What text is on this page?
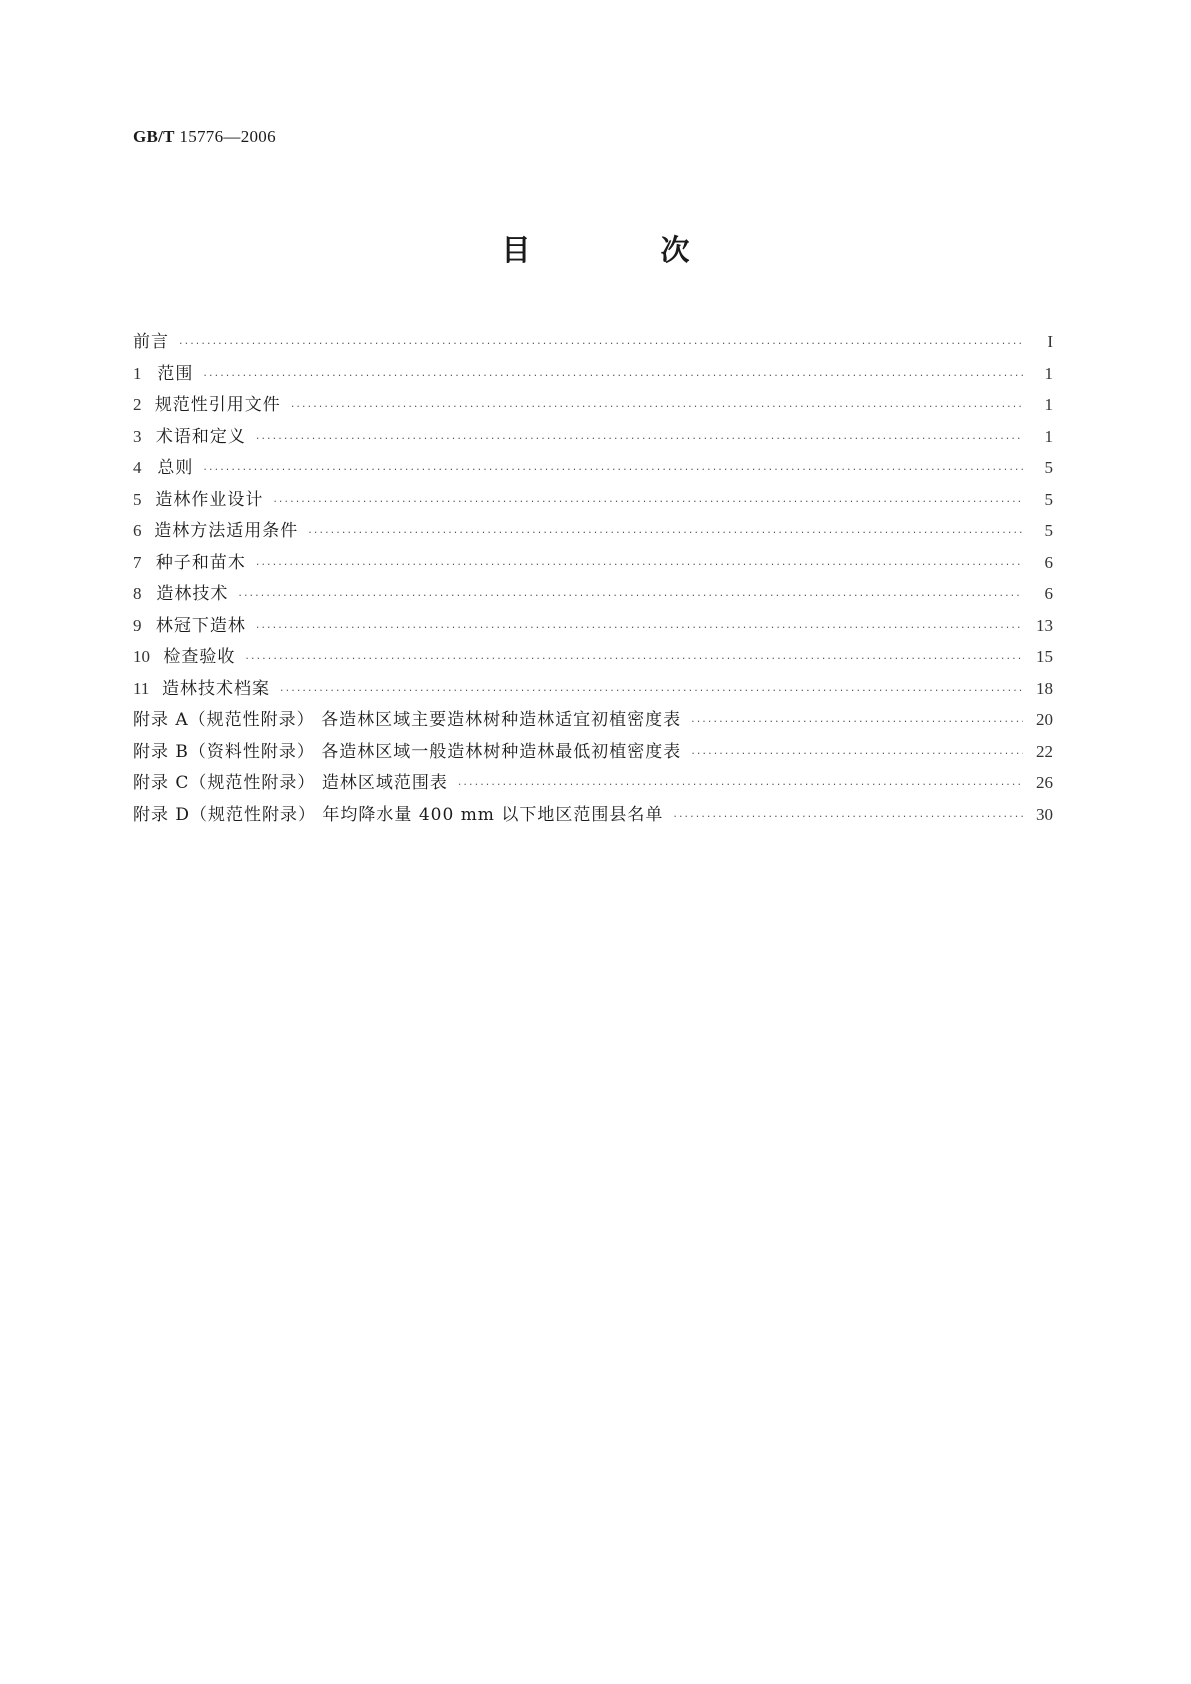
GB/T 15776—2006
目 次
前言 ·····	I
1 范围 ·····	1
2 规范性引用文件 ·····	1
3 术语和定义 ·····	1
4 总则 ·····	5
5 造林作业设计 ·····	5
6 造林方法适用条件 ·····	5
7 种子和苗木 ·····	6
8 造林技术 ·····	6
9 林冠下造林 ·····	13
10 检查验收 ·····	15
11 造林技术档案 ·····	18
附录 A（规范性附录） 各造林区域主要造林树种造林适宜初植密度表 ·····	20
附录 B（资料性附录） 各造林区域一般造林树种造林最低初植密度表 ·····	22
附录 C（规范性附录） 造林区域范围表 ·····	26
附录 D（规范性附录） 年均降水量 400 mm 以下地区范围县名单 ·····	30
